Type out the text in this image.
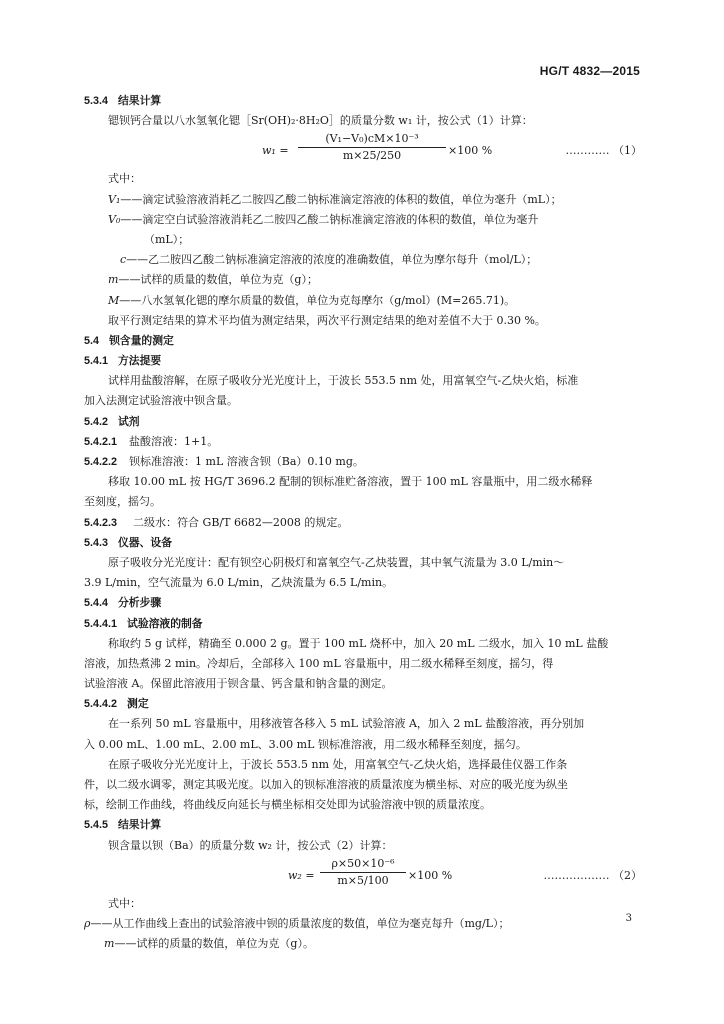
HG/T 4832—2015
5.3.4 结果计算
锶钡钙合量以八水氢氧化锶［Sr(OH)₂·8H₂O］的质量分数 w₁ 计，按公式（1）计算：
$w_1 = \frac{\text{(V₁−V₀)cM×10⁻³}}{m\times 25/250} \times 100$ %	………… （1）
式中：
V₁——滴定试验溶液消耗乙二胺四乙酸二钠标准滴定溶液的体积的数值，单位为毫升（mL）；
V₀——滴定空白试验溶液消耗乙二胺四乙酸二钠标准滴定溶液的体积的数值，单位为毫升
（mL）；
c——乙二胺四乙酸二钠标准滴定溶液的浓度的准确数值，单位为摩尔每升（mol/L）；
m——试样的质量的数值，单位为克（g）；
M——八水氢氧化锶的摩尔质量的数值，单位为克每摩尔（g/mol）(M=265.71)。
取平行测定结果的算术平均值为测定结果，两次平行测定结果的绝对差值不大于 0.30 %。
5.4 钡含量的测定
5.4.1 方法提要
试样用盐酸溶解，在原子吸收分光光度计上，于波长 553.5 nm 处，用富氧空气-乙炔火焰，标准
加入法测定试验溶液中钡含量。
5.4.2 试剂
5.4.2.1 盐酸溶液：1+1。
5.4.2.2 钡标准溶液：1 mL 溶液含钡（Ba）0.10 mg。
移取 10.00 mL 按 HG/T 3696.2 配制的钡标准贮备溶液，置于 100 mL 容量瓶中，用二级水稀释
至刻度，摇匀。
5.4.2.3 二级水：符合 GB/T 6682—2008 的规定。
5.4.3 仪器、设备
原子吸收分光光度计：配有钡空心阴极灯和富氧空气-乙炔装置，其中氧气流量为 3.0 L/min～
3.9 L/min，空气流量为 6.0 L/min，乙炔流量为 6.5 L/min。
5.4.4 分析步骤
5.4.4.1 试验溶液的制备
称取约 5 g 试样，精确至 0.000 2 g。置于 100 mL 烧杯中，加入 20 mL 二级水，加入 10 mL 盐酸
溶液，加热煮沸 2 min。冷却后，全部移入 100 mL 容量瓶中，用二级水稀释至刻度，摇匀，得
试验溶液 A。保留此溶液用于钡含量、钙含量和钠含量的测定。
5.4.4.2 测定
在一系列 50 mL 容量瓶中，用移液管各移入 5 mL 试验溶液 A，加入 2 mL 盐酸溶液，再分别加
入 0.00 mL、1.00 mL、2.00 mL、3.00 mL 钡标准溶液，用二级水稀释至刻度，摇匀。
在原子吸收分光光度计上，于波长 553.5 nm 处，用富氧空气-乙炔火焰，选择最佳仪器工作条
件，以二级水调零，测定其吸光度。以加入的钡标准溶液的质量浓度为横坐标、对应的吸光度为纵坐
标，绘制工作曲线，将曲线反向延长与横坐标相交处即为试验溶液中钡的质量浓度。
5.4.5 结果计算
钡含量以钡（Ba）的质量分数 w₂ 计，按公式（2）计算：
$w_2 = \frac{\text{ρ×50×10⁻⁶}}{m\times 5/100} \times 100$ %	……………… （2）
式中：
ρ——从工作曲线上查出的试验溶液中钡的质量浓度的数值，单位为毫克每升（mg/L）；
m——试样的质量的数值，单位为克（g）。
3
